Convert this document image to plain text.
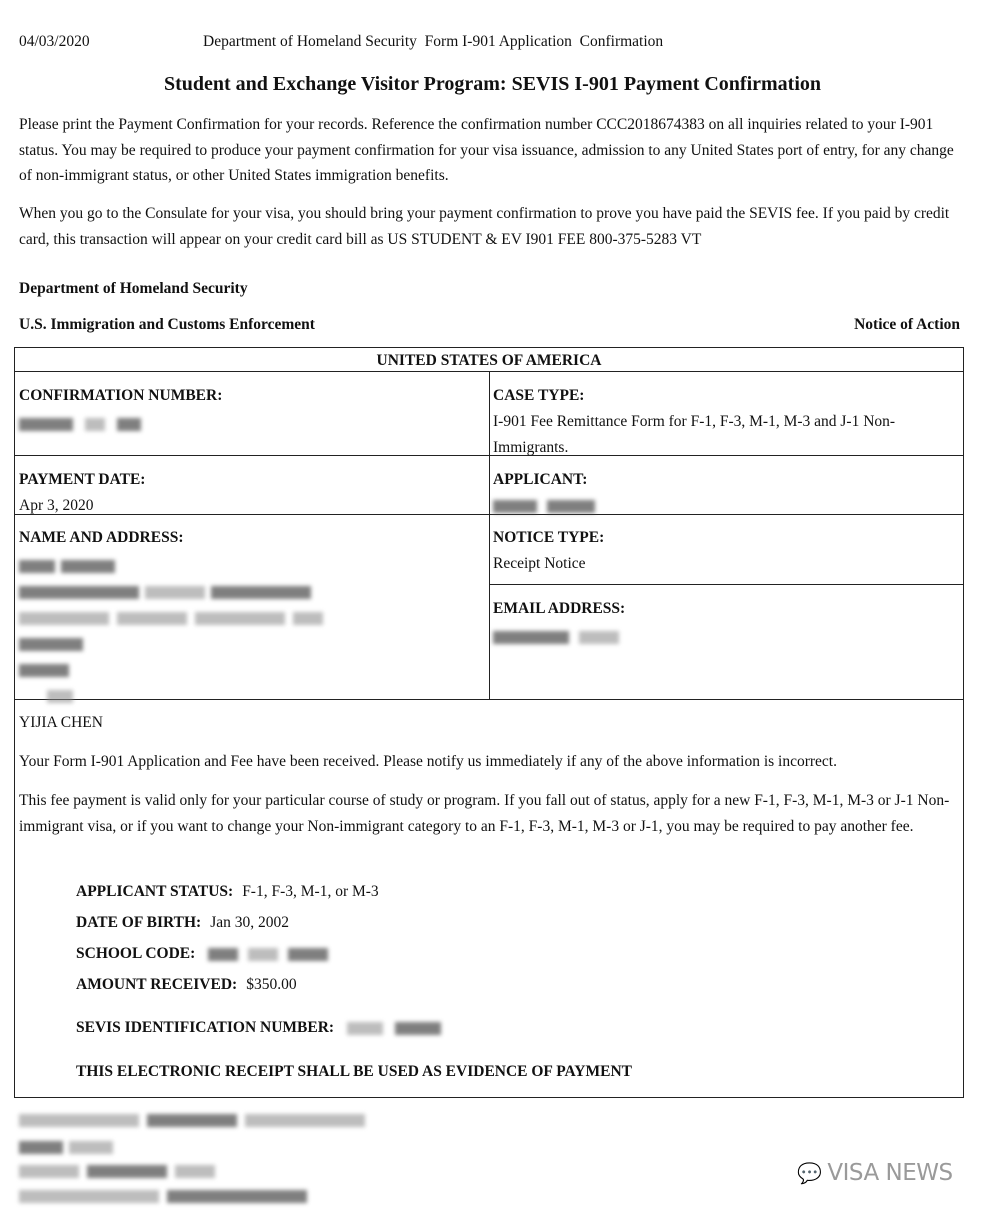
04/03/2020	Department of Homeland Security  Form I-901 Application  Confirmation
Student and Exchange Visitor Program: SEVIS I-901 Payment Confirmation

Please print the Payment Confirmation for your records. Reference the confirmation number CCC2018674383 on all inquiries related to your I-901 status. You may be required to produce your payment confirmation for your visa issuance, admission to any United States port of entry, for any change of non-immigrant status, or other United States immigration benefits.

When you go to the Consulate for your visa, you should bring your payment confirmation to prove you have paid the SEVIS fee. If you paid by credit card, this transaction will appear on your credit card bill as US STUDENT & EV I901 FEE 800-375-5283 VT

Department of Homeland Security
U.S. Immigration and Customs Enforcement	Notice of Action
UNITED STATES OF AMERICA
CONFIRMATION NUMBER:
	CASE TYPE:
I-901 Fee Remittance Form for F-1, F-3, M-1, M-3 and J-1 Non-Immigrants.
PAYMENT DATE:
Apr 3, 2020
APPLICANT:

NAME AND ADDRESS:	NOTICE TYPE:
Receipt Notice
EMAIL ADDRESS:

YIJIA CHEN
Your Form I-901 Application and Fee have been received. Please notify us immediately if any of the above information is incorrect.
This fee payment is valid only for your particular course of study or program. If you fall out of status, apply for a new F-1, F-3, M-1, M-3 or J-1 Non-immigrant visa, or if you want to change your Non-immigrant category to an F-1, F-3, M-1, M-3 or J-1, you may be required to pay another fee.
APPLICANT STATUS: F-1, F-3, M-1, or M-3
DATE OF BIRTH: Jan 30, 2002
SCHOOL CODE:
AMOUNT RECEIVED: $350.00
SEVIS IDENTIFICATION NUMBER:
THIS ELECTRONIC RECEIPT SHALL BE USED AS EVIDENCE OF PAYMENT
💬 VISA NEWS
